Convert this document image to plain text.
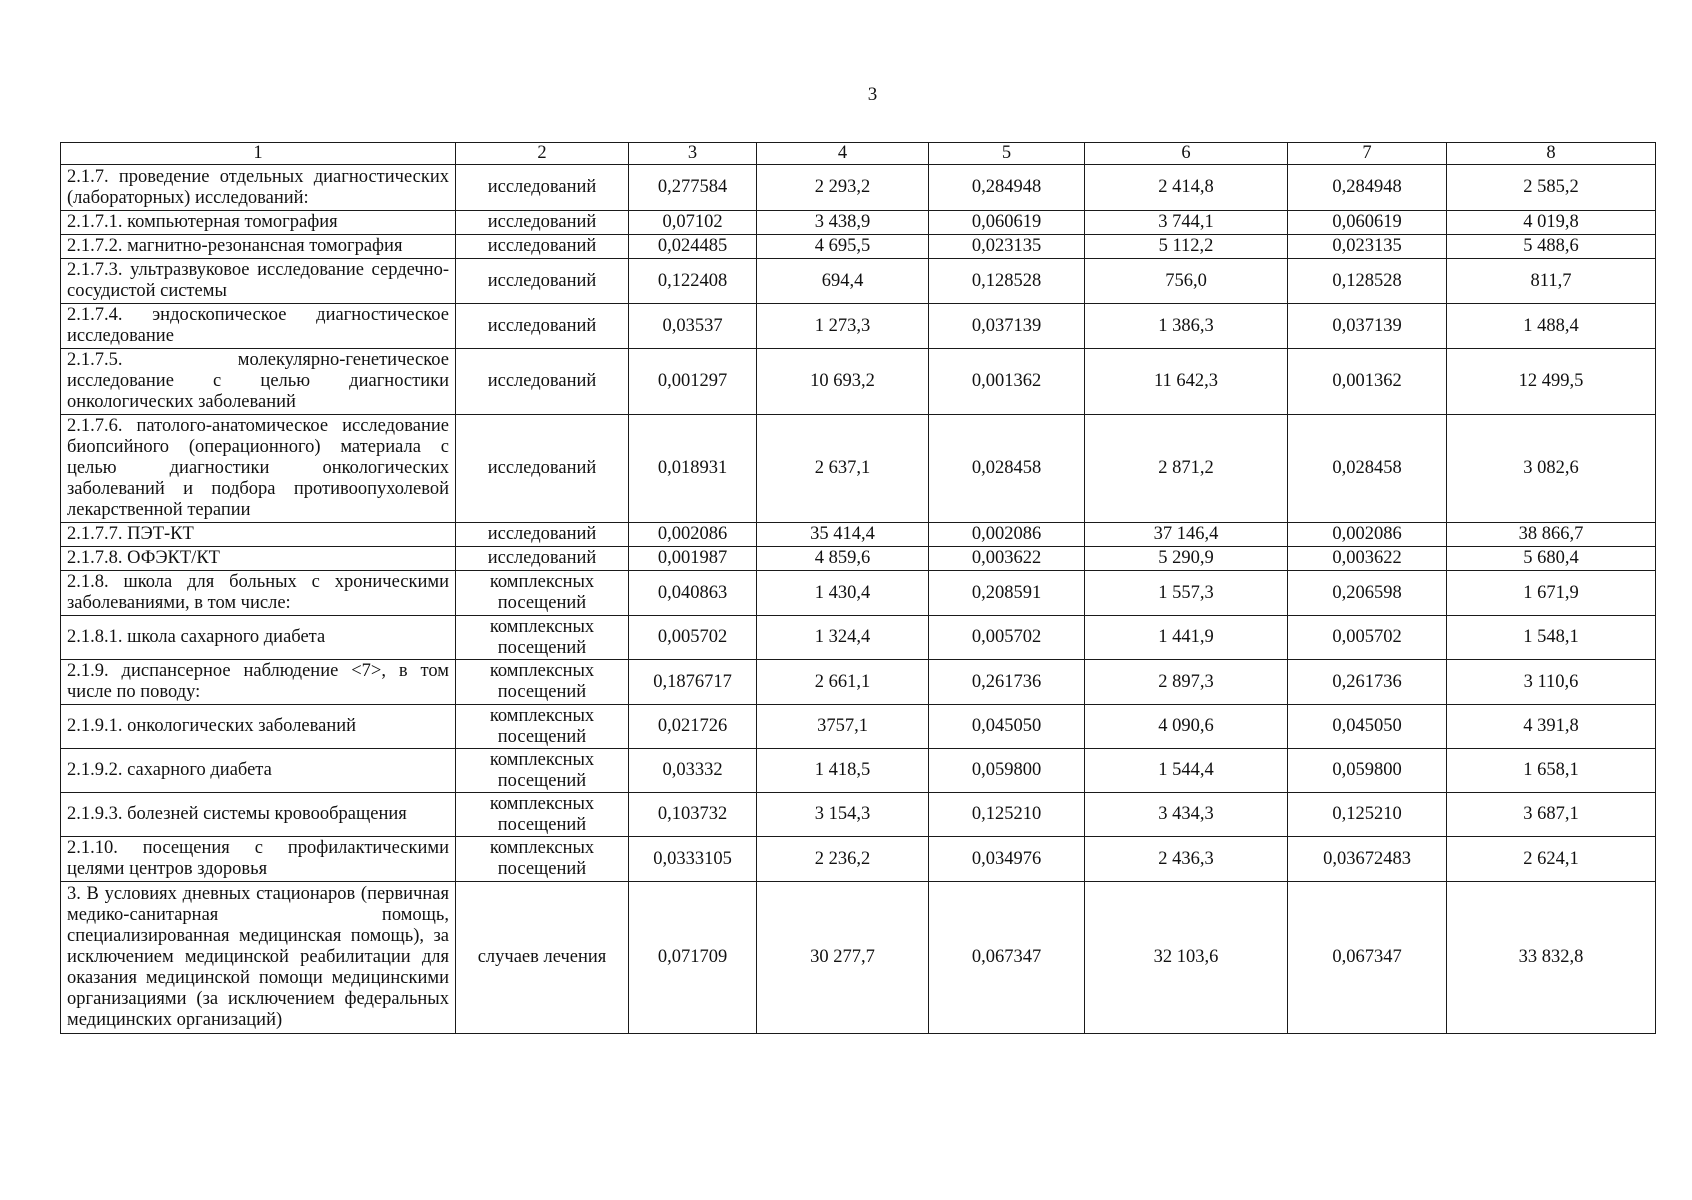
3
1	2	3	4	5	6	7	8
2.1.7. проведение отдельных диагностических (лабораторных) исследований:	исследований	0,277584	2 293,2	0,284948	2 414,8	0,284948	2 585,2
2.1.7.1. компьютерная томография	исследований	0,07102	3 438,9	0,060619	3 744,1	0,060619	4 019,8
2.1.7.2. магнитно-резонансная томография	исследований	0,024485	4 695,5	0,023135	5 112,2	0,023135	5 488,6
2.1.7.3. ультразвуковое исследование сердечно-сосудистой системы	исследований	0,122408	694,4	0,128528	756,0	0,128528	811,7
2.1.7.4. эндоскопическое диагностическое исследование	исследований	0,03537	1 273,3	0,037139	1 386,3	0,037139	1 488,4
2.1.7.5. молекулярно-генетическое исследование с целью диагностики онкологических заболеваний	исследований	0,001297	10 693,2	0,001362	11 642,3	0,001362	12 499,5
2.1.7.6. патолого-анатомическое исследование биопсийного (операционного) материала с целью диагностики онкологических заболеваний и подбора противоопухолевой лекарственной терапии	исследований	0,018931	2 637,1	0,028458	2 871,2	0,028458	3 082,6
2.1.7.7. ПЭТ-КТ	исследований	0,002086	35 414,4	0,002086	37 146,4	0,002086	38 866,7
2.1.7.8. ОФЭКТ/КТ	исследований	0,001987	4 859,6	0,003622	5 290,9	0,003622	5 680,4
2.1.8. школа для больных с хроническими заболеваниями, в том числе:	комплексных посещений	0,040863	1 430,4	0,208591	1 557,3	0,206598	1 671,9
2.1.8.1. школа сахарного диабета	комплексных посещений	0,005702	1 324,4	0,005702	1 441,9	0,005702	1 548,1
2.1.9. диспансерное наблюдение <7>, в том числе по поводу:	комплексных посещений	0,1876717	2 661,1	0,261736	2 897,3	0,261736	3 110,6
2.1.9.1. онкологических заболеваний	комплексных посещений	0,021726	3757,1	0,045050	4 090,6	0,045050	4 391,8
2.1.9.2. сахарного диабета	комплексных посещений	0,03332	1 418,5	0,059800	1 544,4	0,059800	1 658,1
2.1.9.3. болезней системы кровообращения	комплексных посещений	0,103732	3 154,3	0,125210	3 434,3	0,125210	3 687,1
2.1.10. посещения с профилактическими целями центров здоровья	комплексных посещений	0,0333105	2 236,2	0,034976	2 436,3	0,03672483	2 624,1
3. В условиях дневных стационаров (первичная медико-санитарная помощь, специализированная медицинская помощь), за исключением медицинской реабилитации для оказания медицинской помощи медицинскими организациями (за исключением федеральных медицинских организаций)	случаев лечения	0,071709	30 277,7	0,067347	32 103,6	0,067347	33 832,8
